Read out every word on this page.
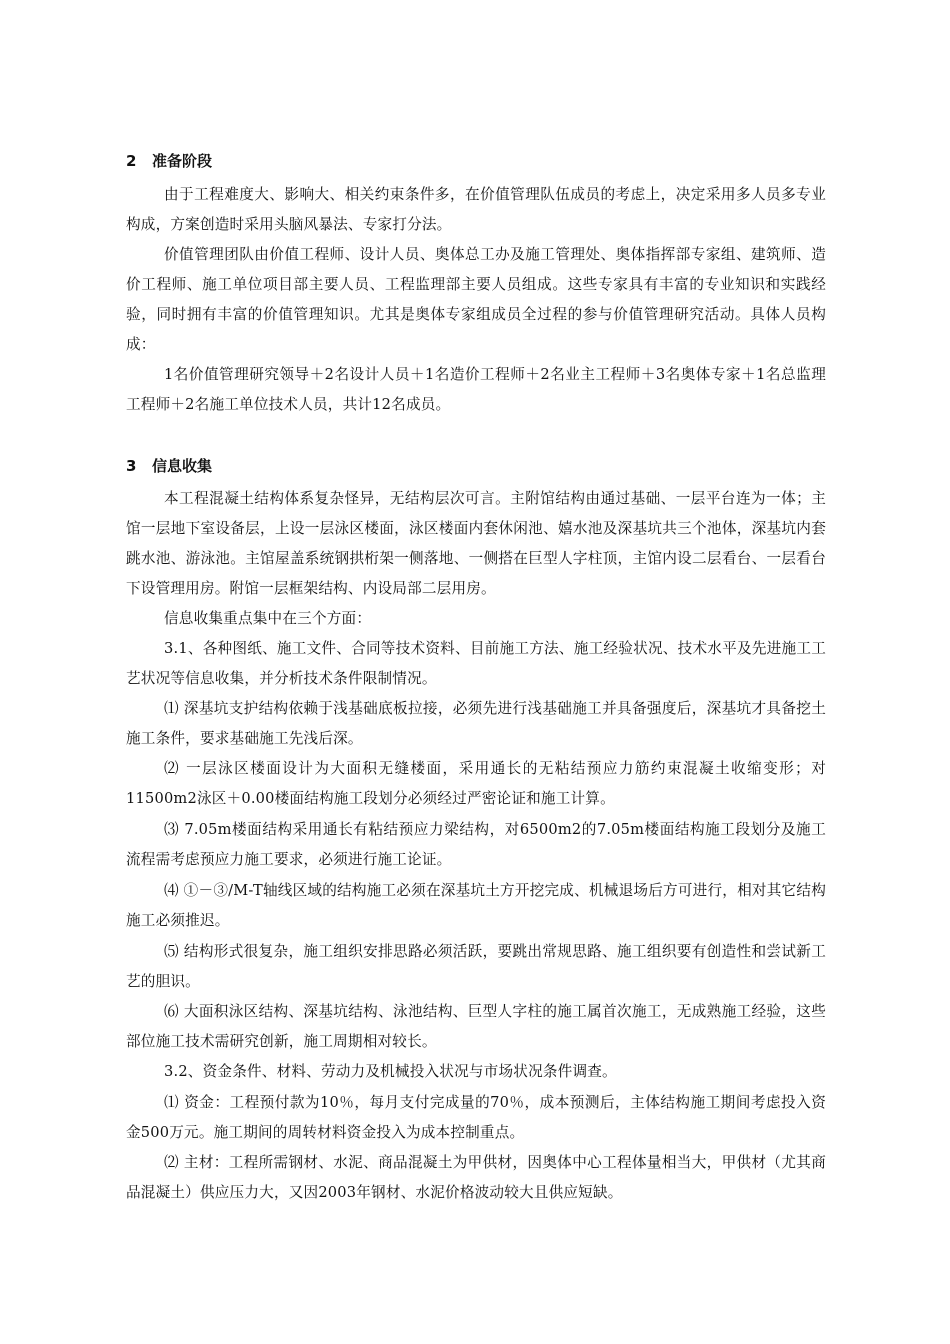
2 准备阶段

由于工程难度大、影响大、相关约束条件多，在价值管理队伍成员的考虑上，决定采用多人员多专业构成，方案创造时采用头脑风暴法、专家打分法。

价值管理团队由价值工程师、设计人员、奥体总工办及施工管理处、奥体指挥部专家组、建筑师、造价工程师、施工单位项目部主要人员、工程监理部主要人员组成。这些专家具有丰富的专业知识和实践经验，同时拥有丰富的价值管理知识。尤其是奥体专家组成员全过程的参与价值管理研究活动。具体人员构成：

1名价值管理研究领导＋2名设计人员＋1名造价工程师＋2名业主工程师＋3名奥体专家＋1名总监理工程师＋2名施工单位技术人员，共计12名成员。

3 信息收集

本工程混凝土结构体系复杂怪异，无结构层次可言。主附馆结构由通过基础、一层平台连为一体；主馆一层地下室设备层，上设一层泳区楼面，泳区楼面内套休闲池、嬉水池及深基坑共三个池体，深基坑内套跳水池、游泳池。主馆屋盖系统钢拱桁架一侧落地、一侧搭在巨型人字柱顶，主馆内设二层看台、一层看台下设管理用房。附馆一层框架结构、内设局部二层用房。

信息收集重点集中在三个方面：

3.1、各种图纸、施工文件、合同等技术资料、目前施工方法、施工经验状况、技术水平及先进施工工艺状况等信息收集，并分析技术条件限制情况。

⑴ 深基坑支护结构依赖于浅基础底板拉接，必须先进行浅基础施工并具备强度后，深基坑才具备挖土施工条件，要求基础施工先浅后深。

⑵ 一层泳区楼面设计为大面积无缝楼面，采用通长的无粘结预应力筋约束混凝土收缩变形；对11500m2泳区＋0.00楼面结构施工段划分必须经过严密论证和施工计算。

⑶ 7.05m楼面结构采用通长有粘结预应力梁结构，对6500m2的7.05m楼面结构施工段划分及施工流程需考虑预应力施工要求，必须进行施工论证。

⑷ ①－③/M-T轴线区域的结构施工必须在深基坑土方开挖完成、机械退场后方可进行，相对其它结构施工必须推迟。

⑸ 结构形式很复杂，施工组织安排思路必须活跃，要跳出常规思路、施工组织要有创造性和尝试新工艺的胆识。

⑹ 大面积泳区结构、深基坑结构、泳池结构、巨型人字柱的施工属首次施工，无成熟施工经验，这些部位施工技术需研究创新，施工周期相对较长。

3.2、资金条件、材料、劳动力及机械投入状况与市场状况条件调查。

⑴ 资金：工程预付款为10％，每月支付完成量的70％，成本预测后，主体结构施工期间考虑投入资金500万元。施工期间的周转材料资金投入为成本控制重点。

⑵ 主材：工程所需钢材、水泥、商品混凝土为甲供材，因奥体中心工程体量相当大，甲供材（尤其商品混凝土）供应压力大，又因2003年钢材、水泥价格波动较大且供应短缺。
